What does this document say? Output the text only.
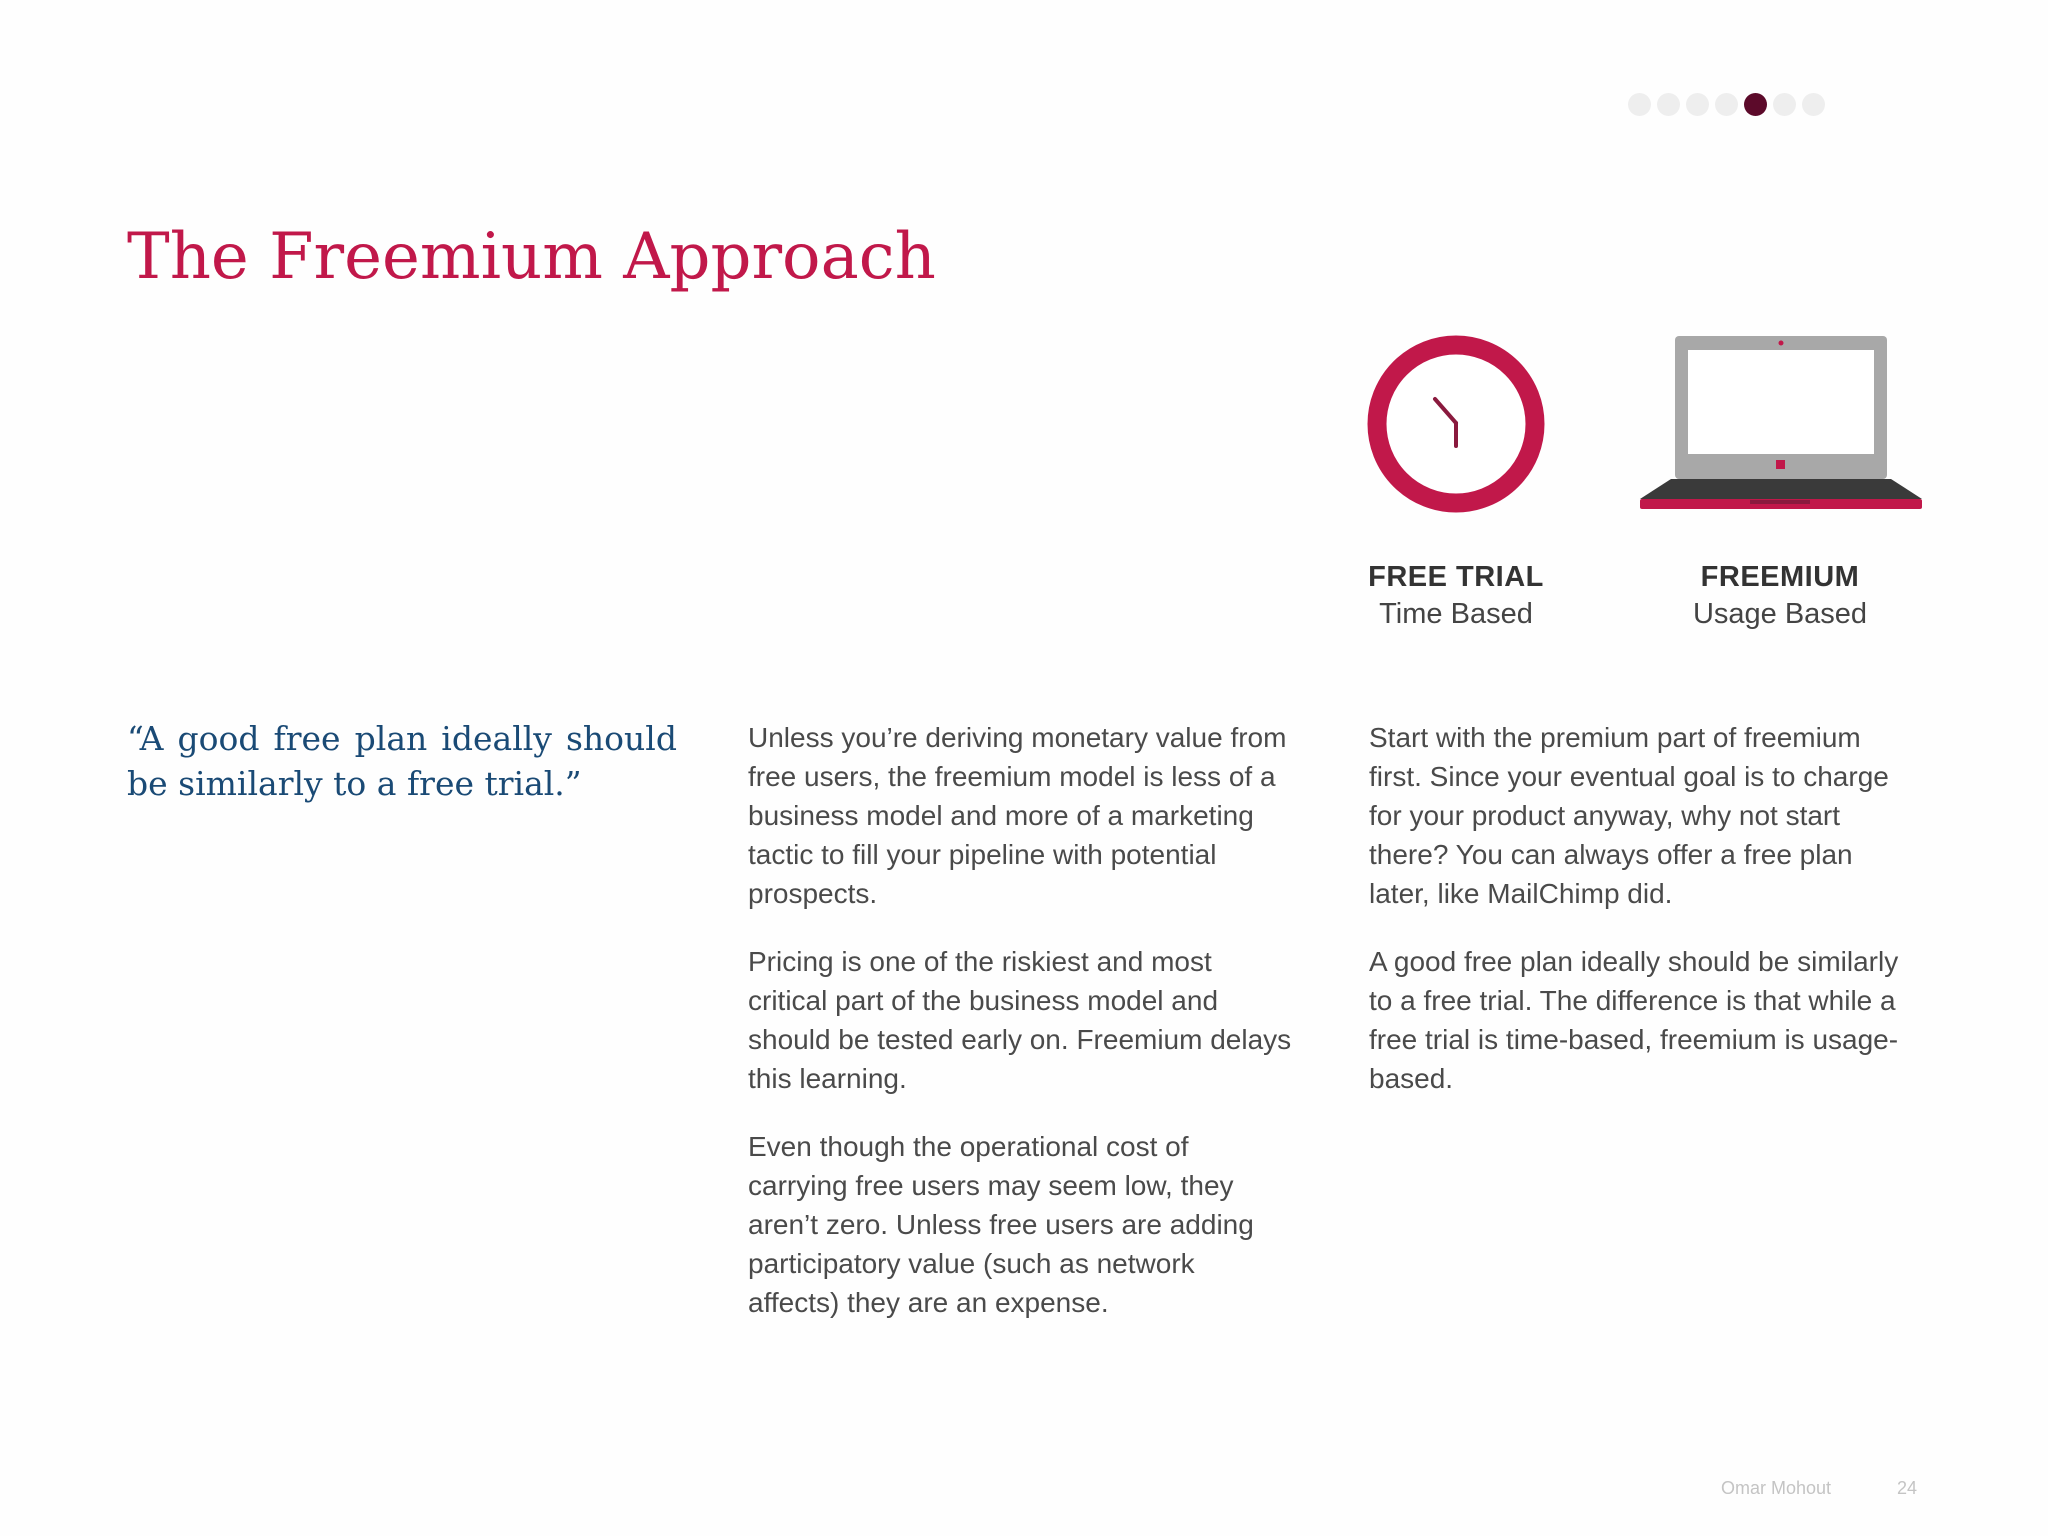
The Freemium Approach
FREE TRIAL
Time Based
FREEMIUM
Usage Based
“A good free plan ideally should be similarly to a free trial.”

Unless you’re deriving monetary value from free users, the freemium model is less of a business model and more of a marketing tactic to fill your pipeline with potential prospects.

Pricing is one of the riskiest and most critical part of the business model and should be tested early on. Freemium delays this learning.

Even though the operational cost of carrying free users may seem low, they aren’t zero. Unless free users are adding participatory value (such as network affects) they are an expense.

Start with the premium part of freemium first. Since your eventual goal is to charge for your product anyway, why not start there? You can always offer a free plan later, like MailChimp did.

A good free plan ideally should be similarly to a free trial. The difference is that while a free trial is time-based, freemium is usage-based.

Omar Mohout	24
